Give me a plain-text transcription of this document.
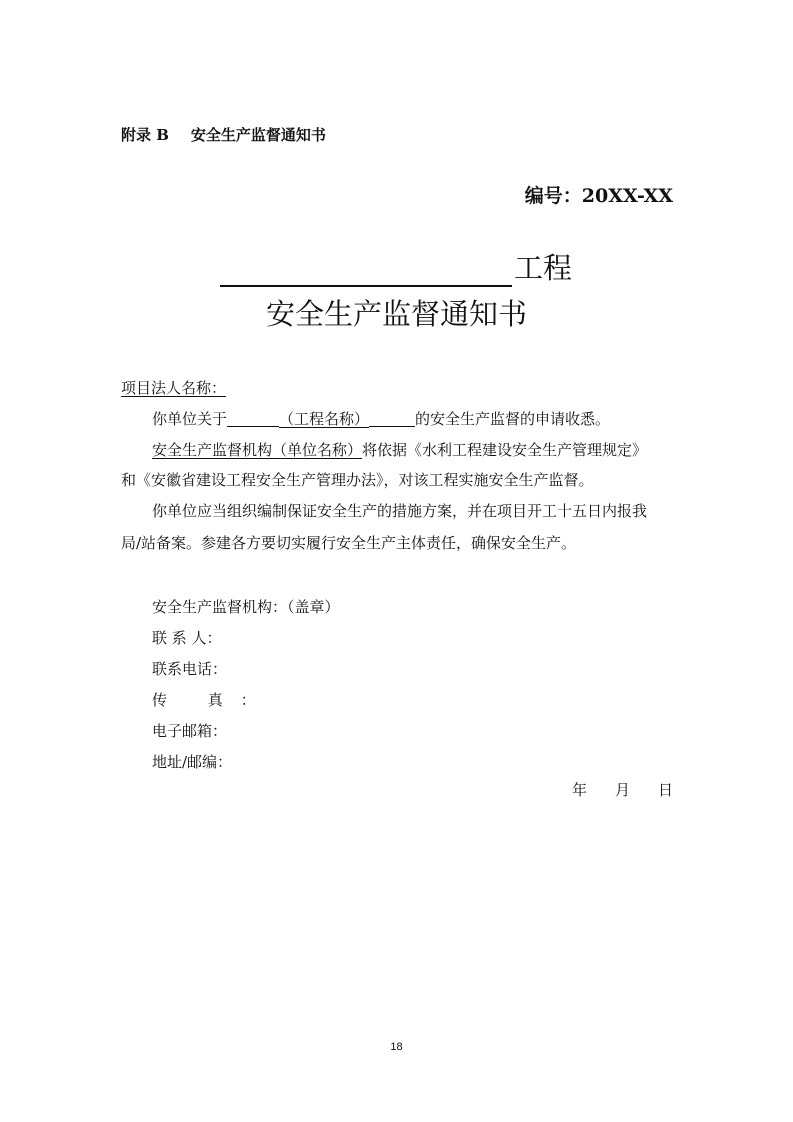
附录 B 安全生产监督通知书
编号：20XX-XX
工程
安全生产监督通知书
项目法人名称：
你单位关于	（工程名称）	的安全生产监督的申请收悉。
安全生产监督机构（单位名称）将依据《水利工程建设安全生产管理规定》
和《安徽省建设工程安全生产管理办法》，对该工程实施安全生产监督。
你单位应当组织编制保证安全生产的措施方案，并在项目开工十五日内报我
局/站备案。参建各方要切实履行安全生产主体责任，确保安全生产。
安全生产监督机构：（盖章）
联 系 人：
联系电话：
传 真：
电子邮箱：
地址/邮编：
年 月 日
18
